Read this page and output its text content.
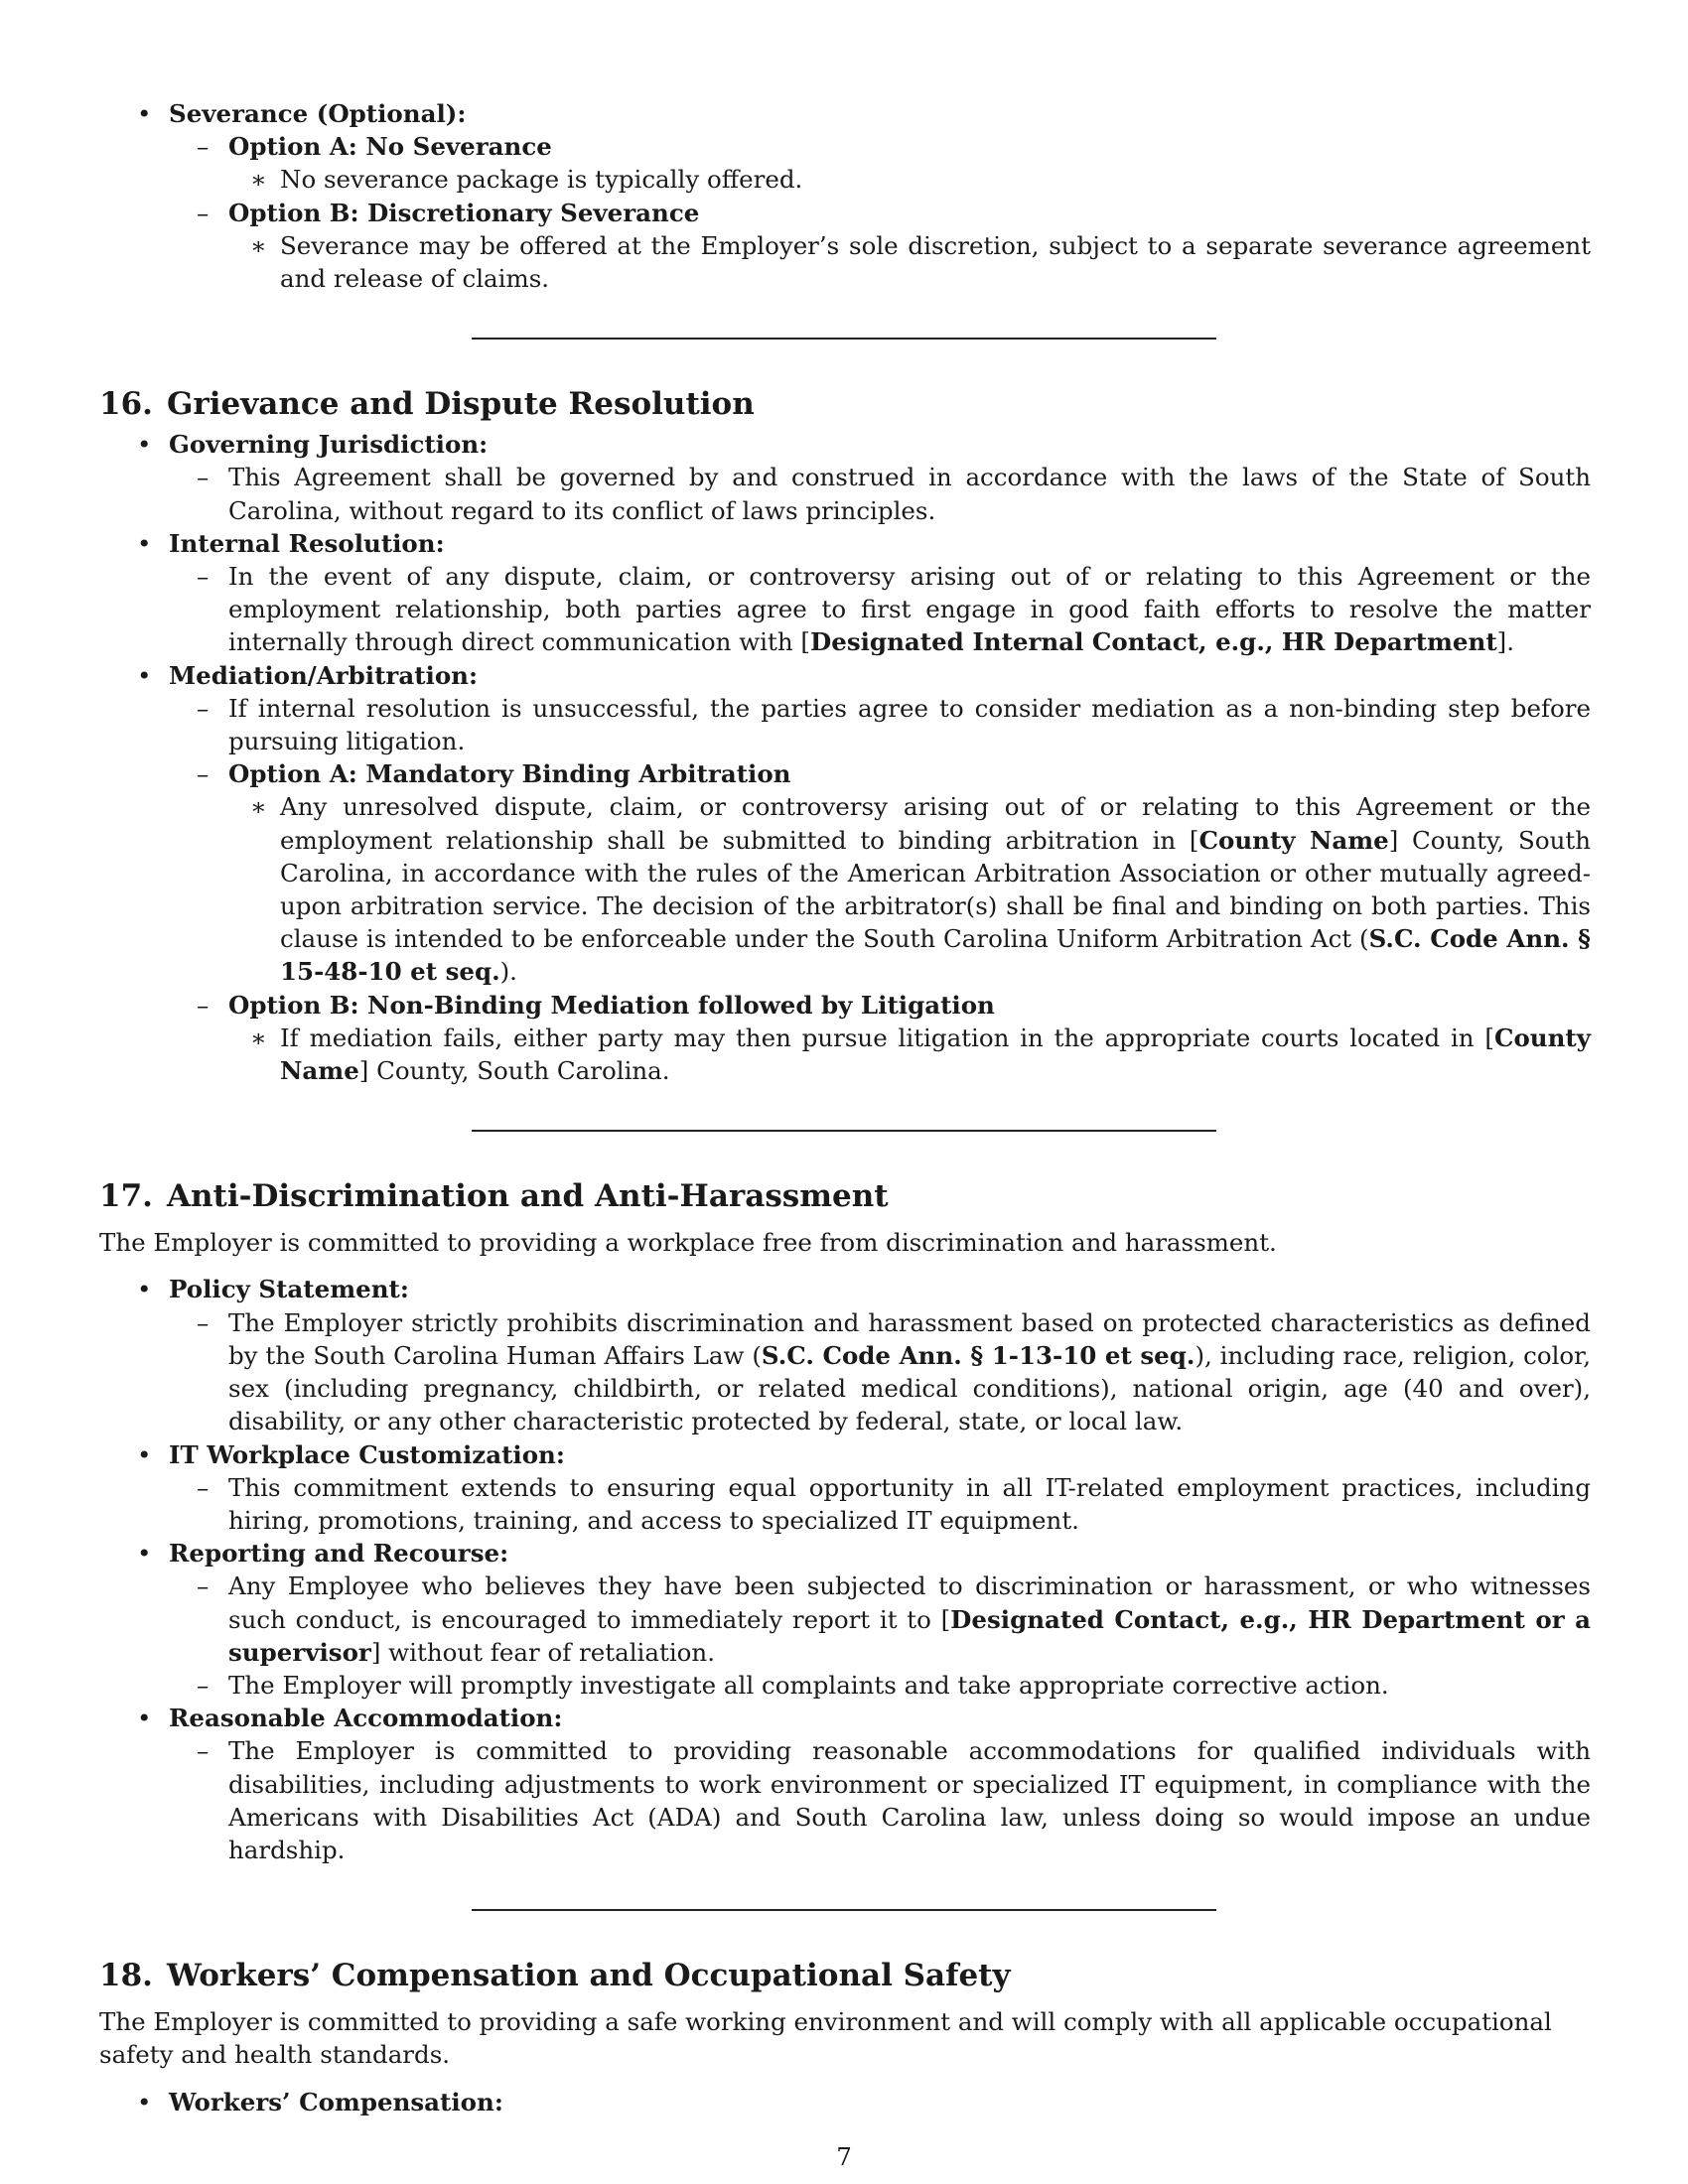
• Severance (Optional):
– Option A: No Severance
∗ No severance package is typically offered.
– Option B: Discretionary Severance
∗ Severance may be offered at the Employer’s sole discretion, subject to a separate severance agreement and release of claims.
16. Grievance and Dispute Resolution
• Governing Jurisdiction:
– This Agreement shall be governed by and construed in accordance with the laws of the State of South Carolina, without regard to its conflict of laws principles.
• Internal Resolution:
– In the event of any dispute, claim, or controversy arising out of or relating to this Agreement or the employment relationship, both parties agree to first engage in good faith efforts to resolve the matter internally through direct communication with [Designated Internal Contact, e.g., HR Department].
• Mediation/Arbitration:
– If internal resolution is unsuccessful, the parties agree to consider mediation as a non-binding step before pursuing litigation.
– Option A: Mandatory Binding Arbitration
∗ Any unresolved dispute, claim, or controversy arising out of or relating to this Agreement or the employment relationship shall be submitted to binding arbitration in [County Name] County, South Carolina, in accordance with the rules of the American Arbitration Association or other mutually agreed-upon arbitration service. The decision of the arbitrator(s) shall be final and binding on both parties. This clause is intended to be enforceable under the South Carolina Uniform Arbitration Act (S.C. Code Ann. § 15-48-10 et seq.).
– Option B: Non-Binding Mediation followed by Litigation
∗ If mediation fails, either party may then pursue litigation in the appropriate courts located in [County Name] County, South Carolina.
17. Anti-Discrimination and Anti-Harassment

The Employer is committed to providing a workplace free from discrimination and harassment.

• Policy Statement:
– The Employer strictly prohibits discrimination and harassment based on protected characteristics as defined by the South Carolina Human Affairs Law (S.C. Code Ann. § 1-13-10 et seq.), including race, religion, color, sex (including pregnancy, childbirth, or related medical conditions), national origin, age (40 and over), disability, or any other characteristic protected by federal, state, or local law.
• IT Workplace Customization:
– This commitment extends to ensuring equal opportunity in all IT-related employment practices, including hiring, promotions, training, and access to specialized IT equipment.
• Reporting and Recourse:
– Any Employee who believes they have been subjected to discrimination or harassment, or who witnesses such conduct, is encouraged to immediately report it to [Designated Contact, e.g., HR Department or a supervisor] without fear of retaliation.
– The Employer will promptly investigate all complaints and take appropriate corrective action.
• Reasonable Accommodation:
– The Employer is committed to providing reasonable accommodations for qualified individuals with disabilities, including adjustments to work environment or specialized IT equipment, in compliance with the Americans with Disabilities Act (ADA) and South Carolina law, unless doing so would impose an undue hardship.
18. Workers’ Compensation and Occupational Safety

The Employer is committed to providing a safe working environment and will comply with all applicable occupational safety and health standards.

• Workers’ Compensation:
7
